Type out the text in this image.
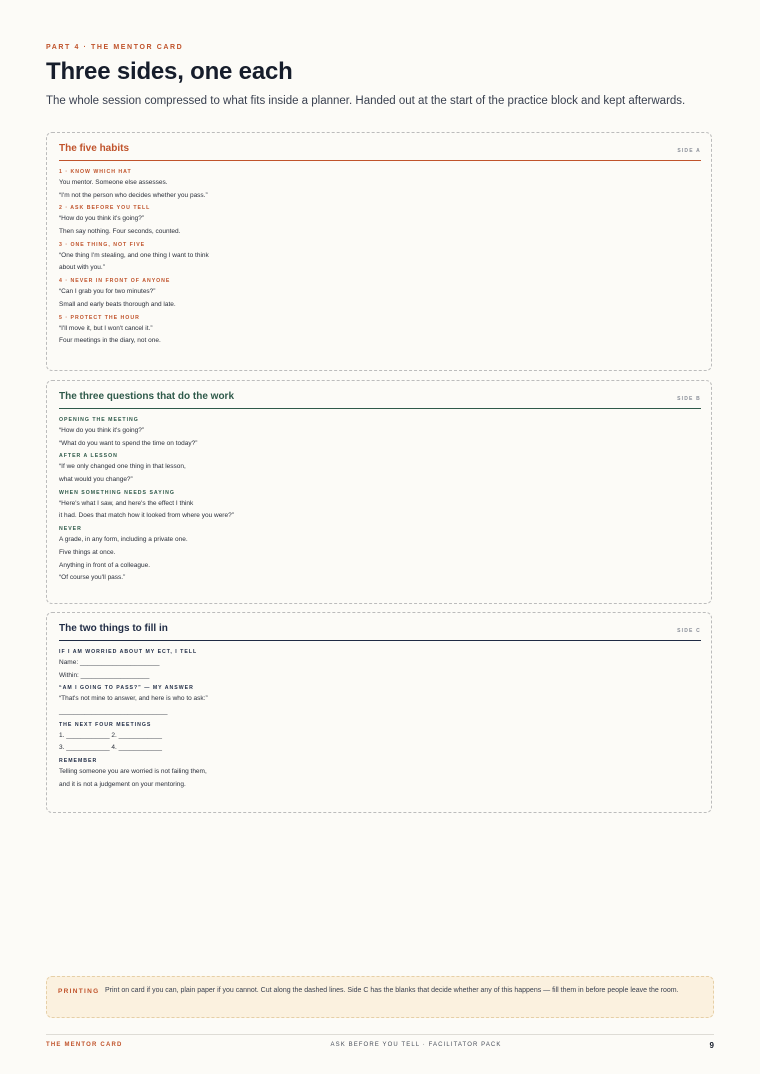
PART 4 · THE MENTOR CARD
Three sides, one each

The whole session compressed to what fits inside a planner. Handed out at the start of the practice block and kept afterwards.

The five habits	SIDE A
1 · KNOW WHICH HAT
You mentor. Someone else assesses.
“I'm not the person who decides whether you pass.”
2 · ASK BEFORE YOU TELL
“How do you think it's going?”
Then say nothing. Four seconds, counted.
3 · ONE THING, NOT FIVE
“One thing I'm stealing, and one thing I want to think
about with you.”
4 · NEVER IN FRONT OF ANYONE
“Can I grab you for two minutes?”
Small and early beats thorough and late.
5 · PROTECT THE HOUR
“I'll move it, but I won't cancel it.”
Four meetings in the diary, not one.
The three questions that do the work	SIDE B
OPENING THE MEETING
“How do you think it's going?”
“What do you want to spend the time on today?”
AFTER A LESSON
“If we only changed one thing in that lesson,
what would you change?”
WHEN SOMETHING NEEDS SAYING
“Here's what I saw, and here's the effect I think
it had. Does that match how it looked from where you were?”
NEVER
A grade, in any form, including a private one.
Five things at once.
Anything in front of a colleague.
“Of course you'll pass.”
The two things to fill in	SIDE C
IF I AM WORRIED ABOUT MY ECT, I TELL
Name: ______________________
Within: ___________________
“AM I GOING TO PASS?” — MY ANSWER
“That's not mine to answer, and here is who to ask:”
______________________________
THE NEXT FOUR MEETINGS
1. ____________ 2. ____________
3. ____________ 4. ____________
REMEMBER
Telling someone you are worried is not failing them,
and it is not a judgement on your mentoring.
PRINTING Print on card if you can, plain paper if you cannot. Cut along the dashed lines. Side C has the blanks that decide whether any of this happens — fill them in before people leave the room.
THE MENTOR CARD	ASK BEFORE YOU TELL · FACILITATOR PACK	9
